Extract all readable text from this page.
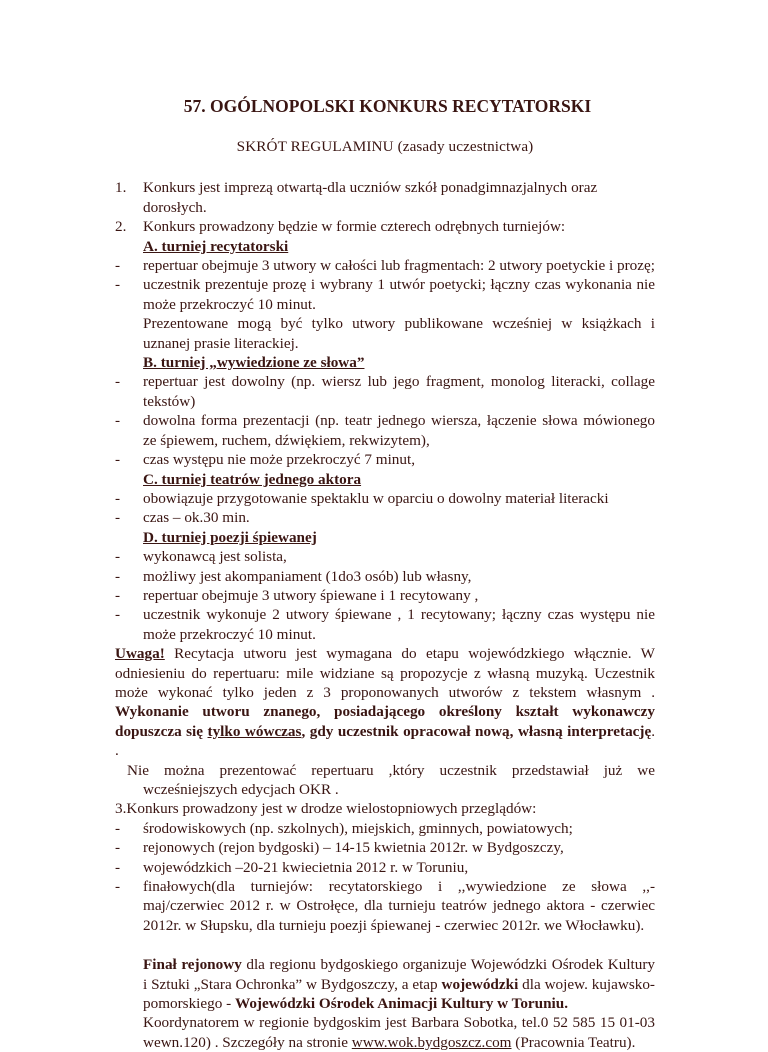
57. OGÓLNOPOLSKI KONKURS RECYTATORSKI
SKRÓT REGULAMINU (zasady uczestnictwa)
1. Konkurs jest imprezą otwartą-dla uczniów szkół ponadgimnazjalnych oraz dorosłych.
2. Konkurs prowadzony będzie w formie czterech odrębnych turniejów:
A. turniej recytatorski
- repertuar obejmuje 3 utwory w całości lub fragmentach: 2 utwory poetyckie i prozę;
- uczestnik prezentuje prozę i wybrany 1 utwór poetycki; łączny czas wykonania nie może przekroczyć 10 minut.
Prezentowane mogą być tylko utwory publikowane wcześniej w książkach i uznanej prasie literackiej.
B. turniej „wywiedzione ze słowa”
- repertuar jest dowolny (np. wiersz lub jego fragment, monolog literacki, collage tekstów)
- dowolna forma prezentacji (np. teatr jednego wiersza, łączenie słowa mówionego ze śpiewem, ruchem, dźwiękiem, rekwizytem),
- czas występu nie może przekroczyć 7 minut,
C. turniej teatrów jednego aktora
- obowiązuje przygotowanie spektaklu w oparciu o dowolny materiał literacki
- czas – ok.30 min.
D. turniej poezji śpiewanej
- wykonawcą jest solista,
- możliwy jest akompaniament (1do3 osób) lub własny,
- repertuar obejmuje 3 utwory śpiewane i 1 recytowany ,
- uczestnik wykonuje 2 utwory śpiewane , 1 recytowany; łączny czas występu nie może przekroczyć 10 minut.
Uwaga! Recytacja utworu jest wymagana do etapu wojewódzkiego włącznie. W odniesieniu do repertuaru: mile widziane są propozycje z własną muzyką. Uczestnik może wykonać tylko jeden z 3 proponowanych utworów z tekstem własnym . Wykonanie utworu znanego, posiadającego określony kształt wykonawczy dopuszcza się tylko wówczas, gdy uczestnik opracował nową, własną interpretację. .
Nie można prezentować repertuaru ,który uczestnik przedstawiał już we wcześniejszych edycjach OKR .
3.Konkurs prowadzony jest w drodze wielostopniowych przeglądów:
- środowiskowych (np. szkolnych), miejskich, gminnych, powiatowych;
- rejonowych (rejon bydgoski) – 14-15 kwietnia 2012r. w Bydgoszczy,
- wojewódzkich –20-21 kwiecietnia 2012 r. w Toruniu,
- finałowych(dla turniejów: recytatorskiego i ,,wywiedzione ze słowa ,,- maj/czerwiec 2012 r. w Ostrołęce, dla turnieju teatrów jednego aktora - czerwiec 2012r. w Słupsku, dla turnieju poezji śpiewanej - czerwiec 2012r. we Włocławku).
Finał rejonowy dla regionu bydgoskiego organizuje Wojewódzki Ośrodek Kultury i Sztuki „Stara Ochronka” w Bydgoszczy, a etap wojewódzki dla wojew. kujawsko-pomorskiego - Wojewódzki Ośrodek Animacji Kultury w Toruniu.
Koordynatorem w regionie bydgoskim jest Barbara Sobotka, tel.0 52 585 15 01-03 wewn.120) . Szczegóły na stronie www.wok.bydgoszcz.com (Pracownia Teatru).
